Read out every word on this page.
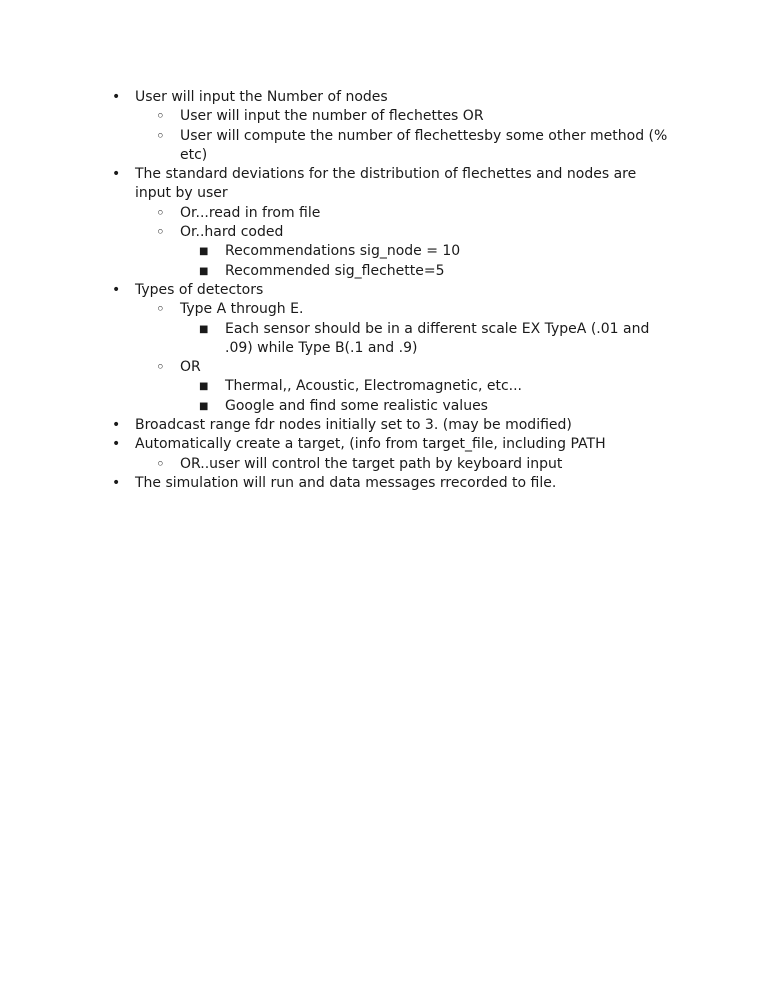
• User will input the Number of nodes
◦ User will input the number of flechettes OR
◦ User will compute the number of flechettesby some other method (% etc)
• The standard deviations for the distribution of flechettes and nodes are input by user
◦ Or...read in from file
◦ Or..hard coded
■ Recommendations sig_node = 10
■ Recommended sig_flechette=5
• Types of detectors
◦ Type A through E.
■ Each sensor should be in a different scale EX TypeA (.01 and .09) while Type B(.1 and .9)
◦ OR
■ Thermal,, Acoustic, Electromagnetic, etc...
■ Google and find some realistic values
• Broadcast range fdr nodes initially set to 3. (may be modified)
• Automatically create a target, (info from target_file, including PATH
◦ OR..user will control the target path by keyboard input
• The simulation will run and data messages rrecorded to file.
